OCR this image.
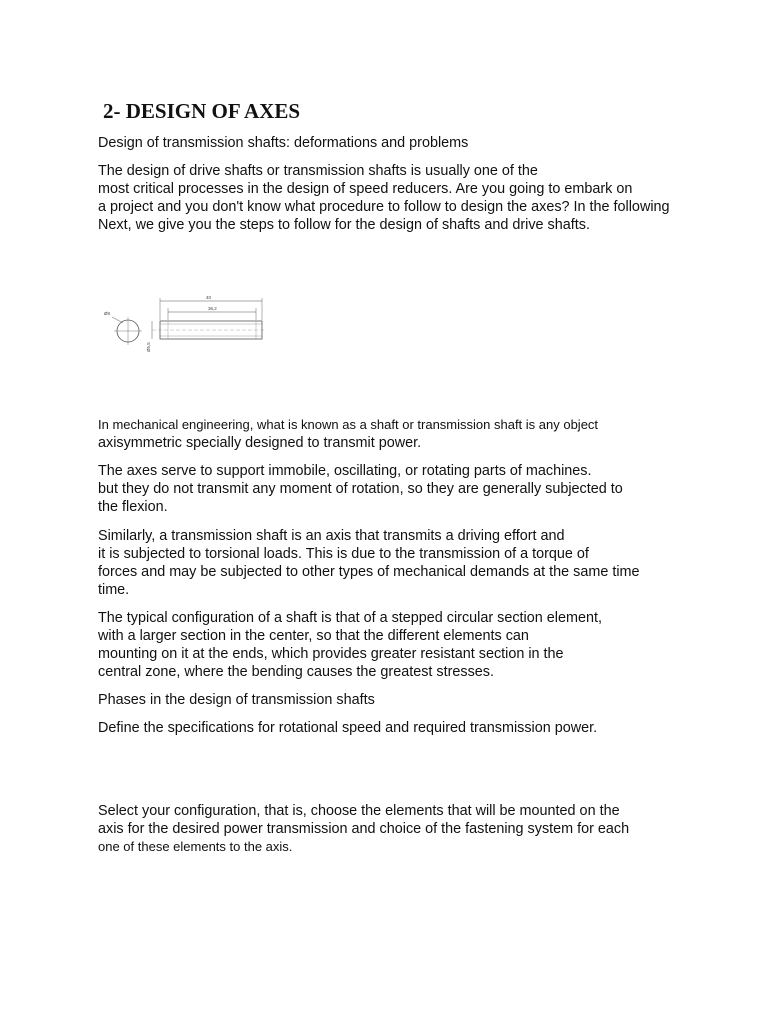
2- DESIGN OF AXES

Design of transmission shafts: deformations and problems

The design of drive shafts or transmission shafts is usually one of the

most critical processes in the design of speed reducers. Are you going to embark on

a project and you don't know what procedure to follow to design the axes? In the following

Next, we give you the steps to follow for the design of shafts and drive shafts.

Ø8
40
36,2
Ø5,5

In mechanical engineering, what is known as a shaft or transmission shaft is any object

axisymmetric specially designed to transmit power.

The axes serve to support immobile, oscillating, or rotating parts of machines.

but they do not transmit any moment of rotation, so they are generally subjected to

the flexion.

Similarly, a transmission shaft is an axis that transmits a driving effort and

it is subjected to torsional loads. This is due to the transmission of a torque of

forces and may be subjected to other types of mechanical demands at the same time

time.

The typical configuration of a shaft is that of a stepped circular section element,

with a larger section in the center, so that the different elements can

mounting on it at the ends, which provides greater resistant section in the

central zone, where the bending causes the greatest stresses.

Phases in the design of transmission shafts

Define the specifications for rotational speed and required transmission power.

Select your configuration, that is, choose the elements that will be mounted on the

axis for the desired power transmission and choice of the fastening system for each

one of these elements to the axis.
